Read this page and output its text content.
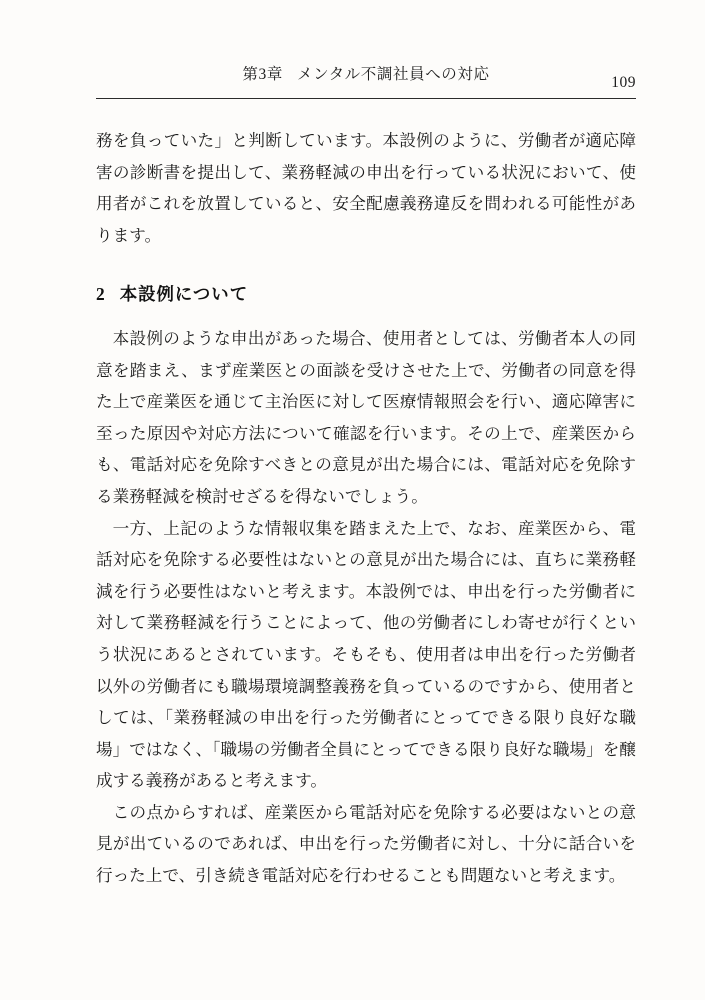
第3章 メンタル不調社員への対応	109

務を負っていた」と判断しています。本設例のように、労働者が適応障害の診断書を提出して、業務軽減の申出を行っている状況において、使用者がこれを放置していると、安全配慮義務違反を問われる可能性があります。

2 本設例について

本設例のような申出があった場合、使用者としては、労働者本人の同意を踏まえ、まず産業医との面談を受けさせた上で、労働者の同意を得た上で産業医を通じて主治医に対して医療情報照会を行い、適応障害に至った原因や対応方法について確認を行います。その上で、産業医からも、電話対応を免除すべきとの意見が出た場合には、電話対応を免除する業務軽減を検討せざるを得ないでしょう。

一方、上記のような情報収集を踏まえた上で、なお、産業医から、電話対応を免除する必要性はないとの意見が出た場合には、直ちに業務軽減を行う必要性はないと考えます。本設例では、申出を行った労働者に対して業務軽減を行うことによって、他の労働者にしわ寄せが行くという状況にあるとされています。そもそも、使用者は申出を行った労働者以外の労働者にも職場環境調整義務を負っているのですから、使用者としては、「業務軽減の申出を行った労働者にとってできる限り良好な職場」ではなく、「職場の労働者全員にとってできる限り良好な職場」を醸成する義務があると考えます。

この点からすれば、産業医から電話対応を免除する必要はないとの意見が出ているのであれば、申出を行った労働者に対し、十分に話合いを行った上で、引き続き電話対応を行わせることも問題ないと考えます。
